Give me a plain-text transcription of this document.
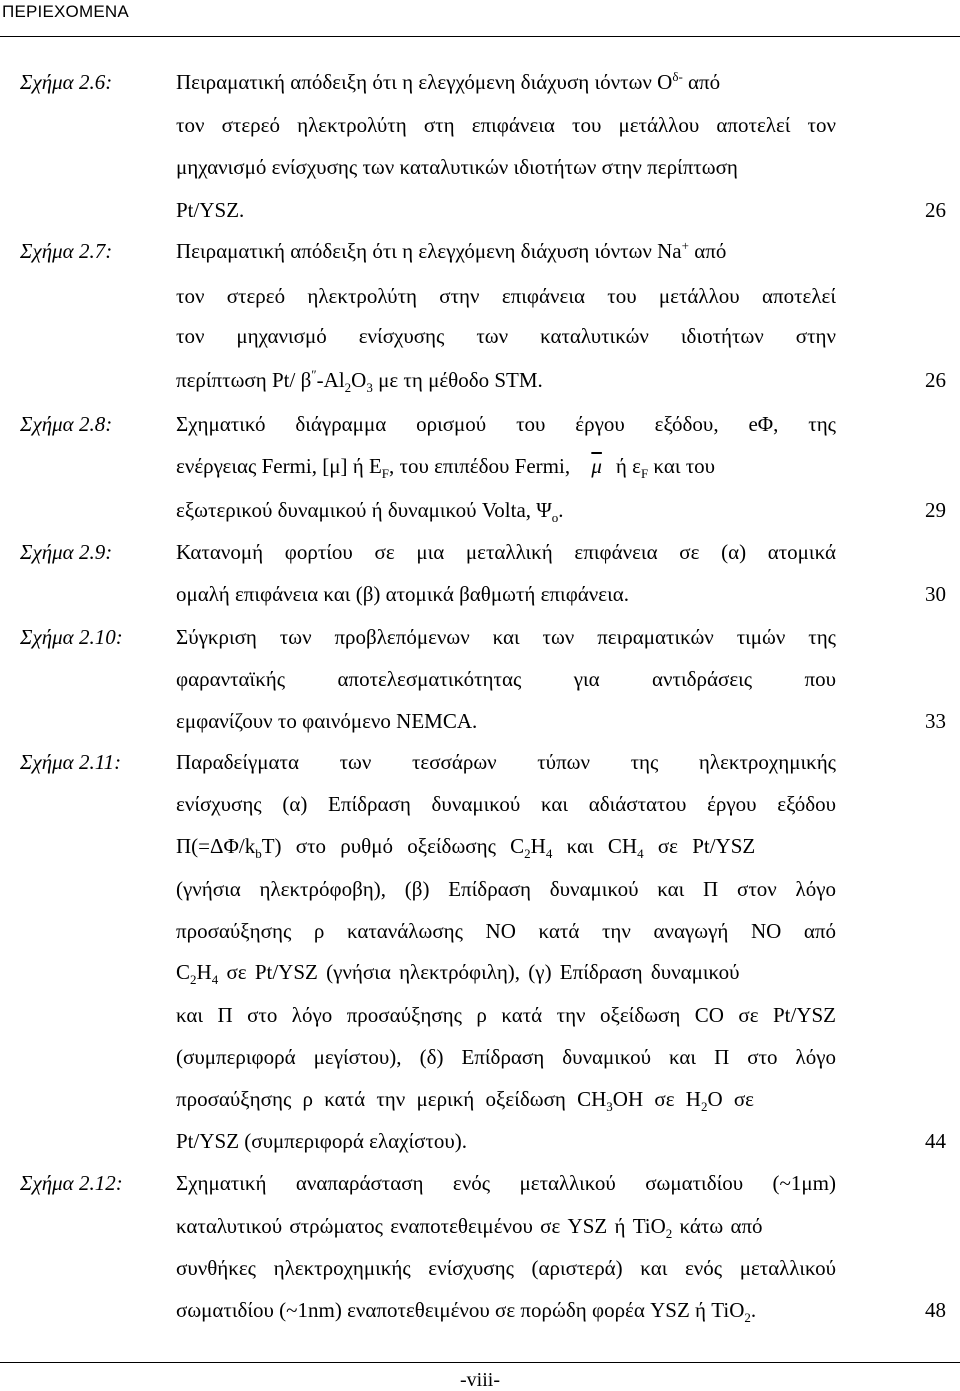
ΠΕΡΙΕΧΟΜΕΝΑ
Σχήμα 2.6:	Πειραματική απόδειξη ότι η ελεγχόμενη διάχυση ιόντων $O^{\delta-}$ από
τον στερεό ηλεκτρολύτη στη επιφάνεια του μετάλλου αποτελεί τον
μηχανισμό ενίσχυσης των καταλυτικών ιδιοτήτων στην περίπτωση
Pt/YSZ.	26
Σχήμα 2.7:	Πειραματική απόδειξη ότι η ελεγχόμενη διάχυση ιόντων Na+ από
τον στερεό ηλεκτρολύτη στην επιφάνεια του μετάλλου αποτελεί
τον μηχανισμό ενίσχυσης των καταλυτικών ιδιοτήτων στην
περίπτωση Pt/ $\beta''-Al_2O_3$ με τη μέθοδο STM.	26
Σχήμα 2.8:	Σχηματικό διάγραμμα ορισμού του έργου εξόδου, eΦ, της
ενέργειας Fermi, [μ] ή $E_F$, του επιπέδου Fermi, $\overline{\mu}$ ή $\varepsilon_F$ και του
εξωτερικού δυναμικού ή δυναμικού Volta, $\Psi_o$.	29
Σχήμα 2.9:	Κατανομή φορτίου σε μια μεταλλική επιφάνεια σε (α) ατομικά
ομαλή επιφάνεια και (β) ατομικά βαθμωτή επιφάνεια.	30
Σχήμα 2.10:	Σύγκριση των προβλεπόμενων και των πειραματικών τιμών της
φαρανταϊκής αποτελεσματικότητας για αντιδράσεις που
εμφανίζουν το φαινόμενο NEMCA.	33
Σχήμα 2.11:	Παραδείγματα των τεσσάρων τύπων της ηλεκτροχημικής
ενίσχυσης (α) Επίδραση δυναμικού και αδιάστατου έργου εξόδου
$\Pi(=\Delta\Phi/k_bT)$ στο ρυθμό οξείδωσης $C_2H_4$ και $CH_4$ σε Pt/YSZ
(γνήσια ηλεκτρόφοβη), (β) Επίδραση δυναμικού και Π στον λόγο
προσαύξησης ρ κατανάλωσης NO κατά την αναγωγή NO από
$C_2H_4$ σε Pt/YSZ (γνήσια ηλεκτρόφιλη), (γ) Επίδραση δυναμικού
και Π στο λόγο προσαύξησης ρ κατά την οξείδωση CO σε Pt/YSZ
(συμπεριφορά μεγίστου), (δ) Επίδραση δυναμικού και Π στο λόγο
προσαύξησης ρ κατά την μερική οξείδωση $CH_3OH$ σε $H_2O$ σε
Pt/YSZ (συμπεριφορά ελαχίστου).	44
Σχήμα 2.12:	Σχηματική αναπαράσταση ενός μεταλλικού σωματιδίου (~1μm)
καταλυτικού στρώματος εναποτεθειμένου σε YSZ ή TiO$_2$ κάτω από
συνθήκες ηλεκτροχημικής ενίσχυσης (αριστερά) και ενός μεταλλικού
σωματιδίου (~1nm) εναποτεθειμένου σε πορώδη φορέα YSZ ή TiO$_2$.	48
-viii-
